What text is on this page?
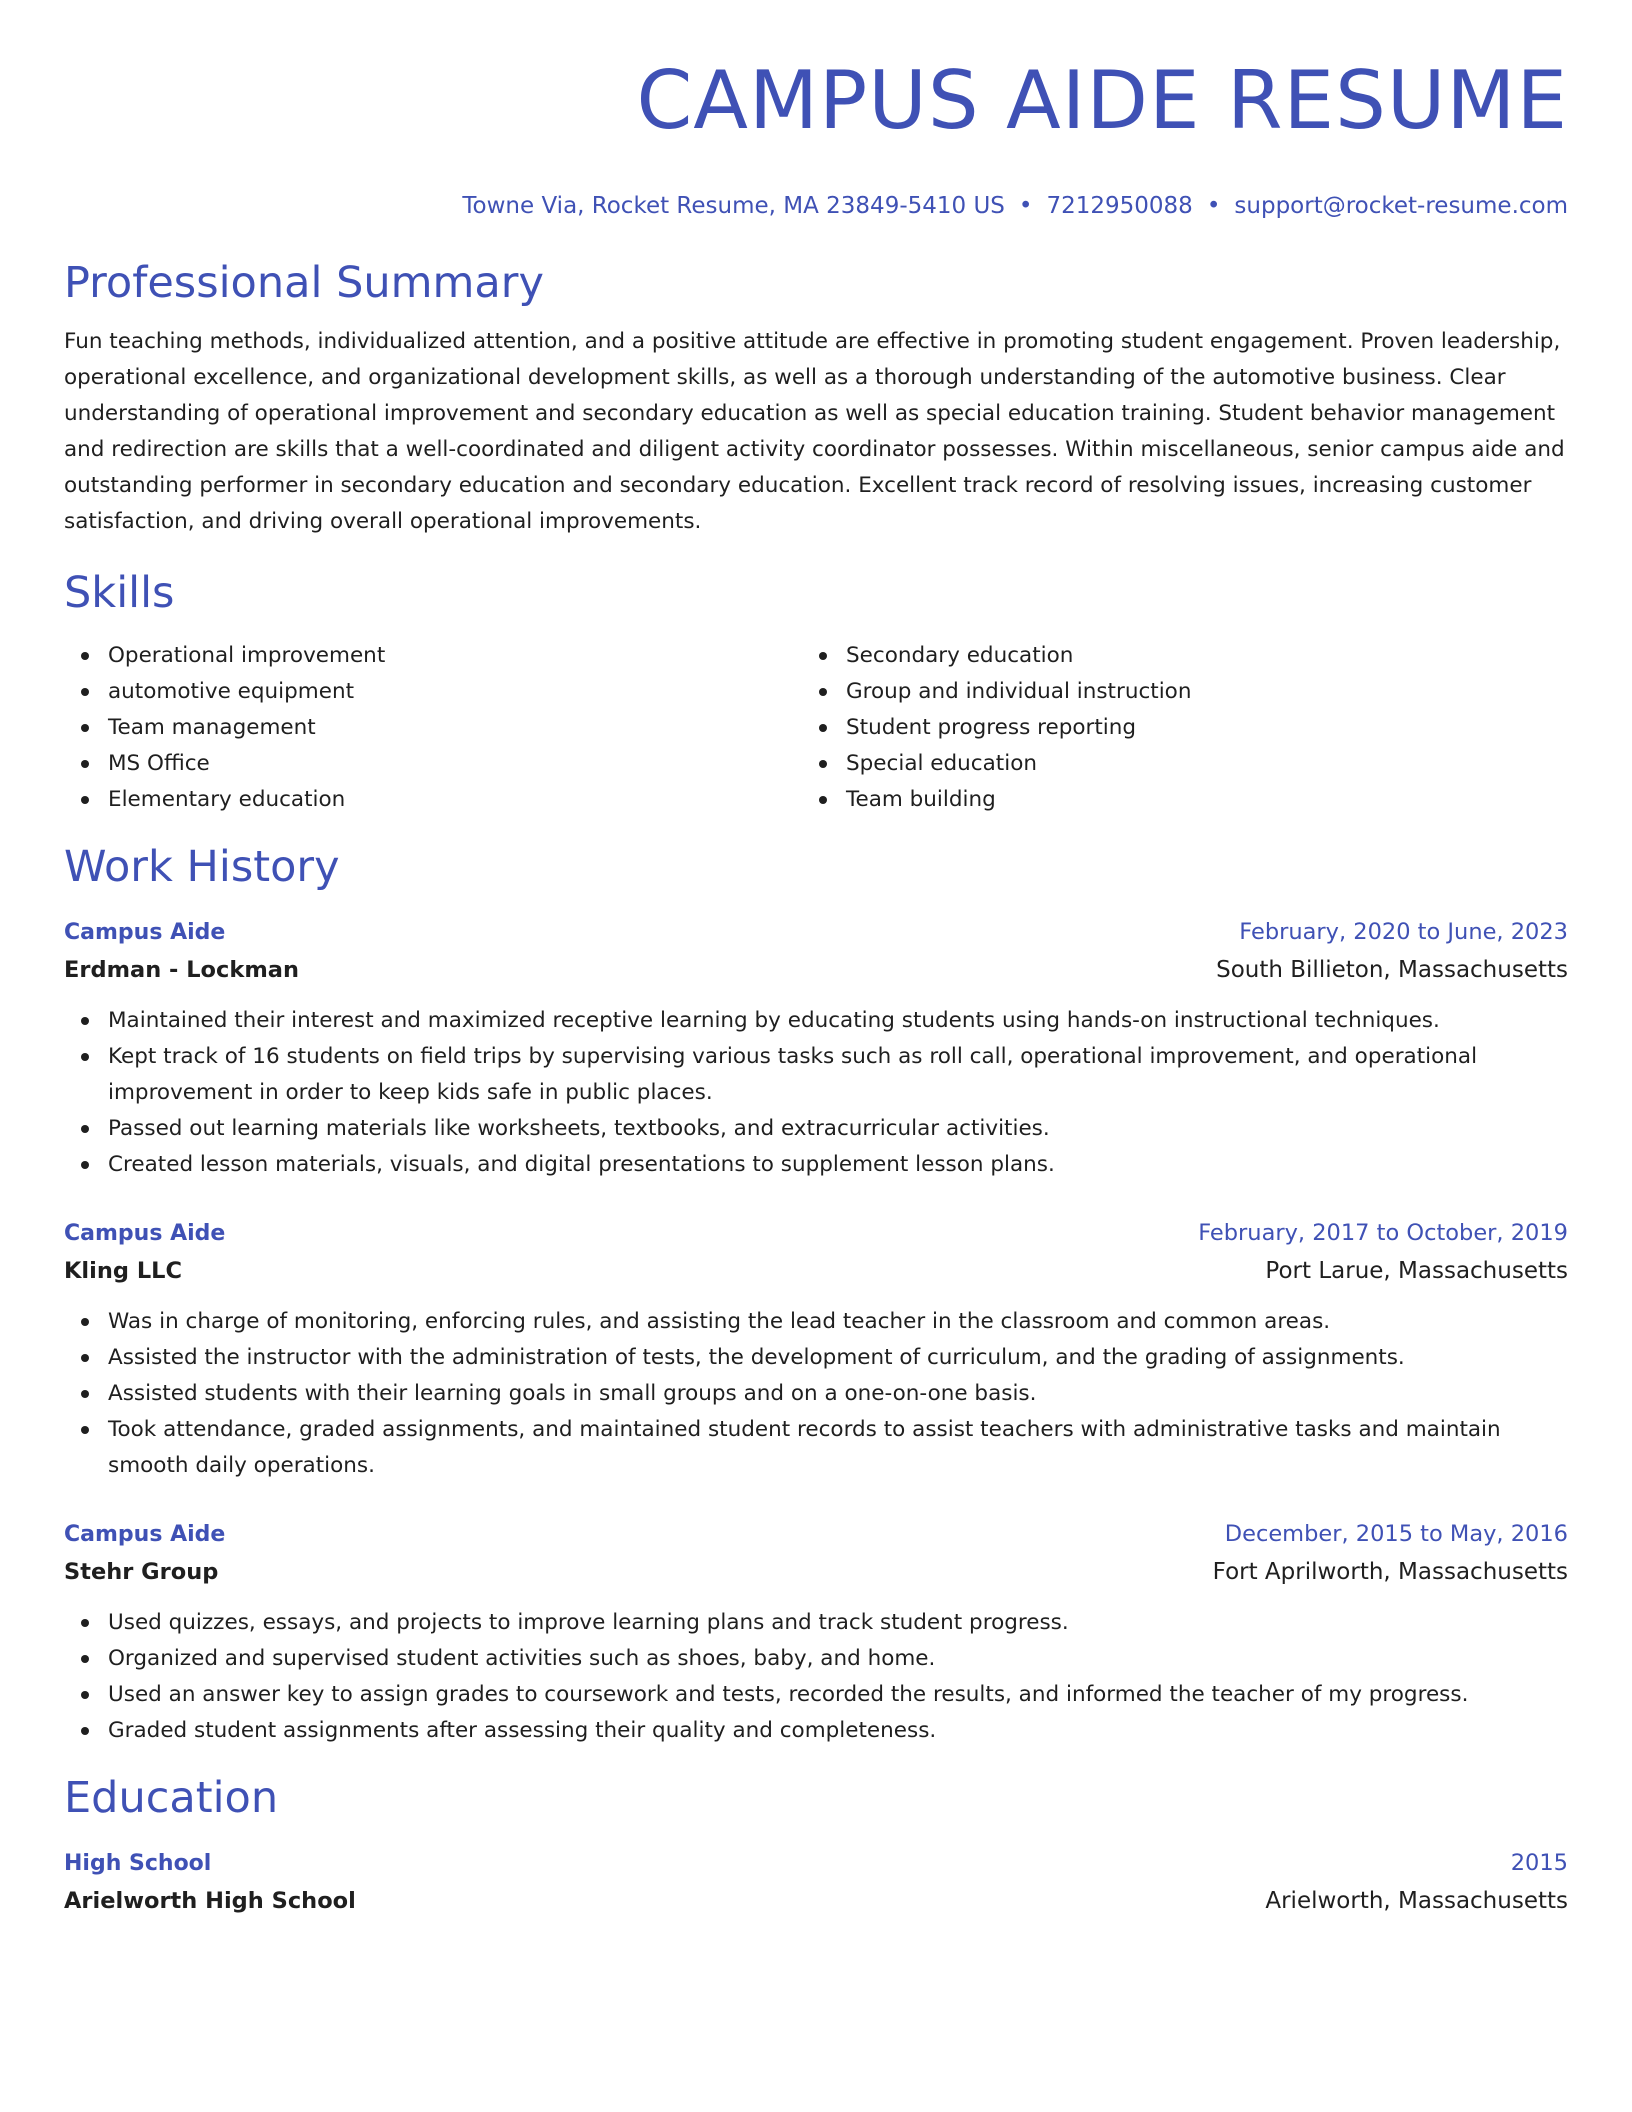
CAMPUS AIDE RESUME
Towne Via, Rocket Resume, MA 23849-5410 US • 7212950088 • support@rocket-resume.com
Professional Summary

Fun teaching methods, individualized attention, and a positive attitude are effective in promoting student engagement. Proven leadership, operational excellence, and organizational development skills, as well as a thorough understanding of the automotive business. Clear understanding of operational improvement and secondary education as well as special education training. Student behavior management and redirection are skills that a well-coordinated and diligent activity coordinator possesses. Within miscellaneous, senior campus aide and outstanding performer in secondary education and secondary education. Excellent track record of resolving issues, increasing customer satisfaction, and driving overall operational improvements.

Skills
Operational improvement
automotive equipment
Team management
MS Office
Elementary education
Secondary education
Group and individual instruction
Student progress reporting
Special education
Team building
Work History
Campus Aide	February, 2020 to June, 2023
Erdman - Lockman	South Billieton, Massachusetts
Maintained their interest and maximized receptive learning by educating students using hands-on instructional techniques.
Kept track of 16 students on field trips by supervising various tasks such as roll call, operational improvement, and operational improvement in order to keep kids safe in public places.
Passed out learning materials like worksheets, textbooks, and extracurricular activities.
Created lesson materials, visuals, and digital presentations to supplement lesson plans.
Campus Aide	February, 2017 to October, 2019
Kling LLC	Port Larue, Massachusetts
Was in charge of monitoring, enforcing rules, and assisting the lead teacher in the classroom and common areas.
Assisted the instructor with the administration of tests, the development of curriculum, and the grading of assignments.
Assisted students with their learning goals in small groups and on a one-on-one basis.
Took attendance, graded assignments, and maintained student records to assist teachers with administrative tasks and maintain smooth daily operations.
Campus Aide	December, 2015 to May, 2016
Stehr Group	Fort Aprilworth, Massachusetts
Used quizzes, essays, and projects to improve learning plans and track student progress.
Organized and supervised student activities such as shoes, baby, and home.
Used an answer key to assign grades to coursework and tests, recorded the results, and informed the teacher of my progress.
Graded student assignments after assessing their quality and completeness.
Education
High School	2015
Arielworth High School	Arielworth, Massachusetts
